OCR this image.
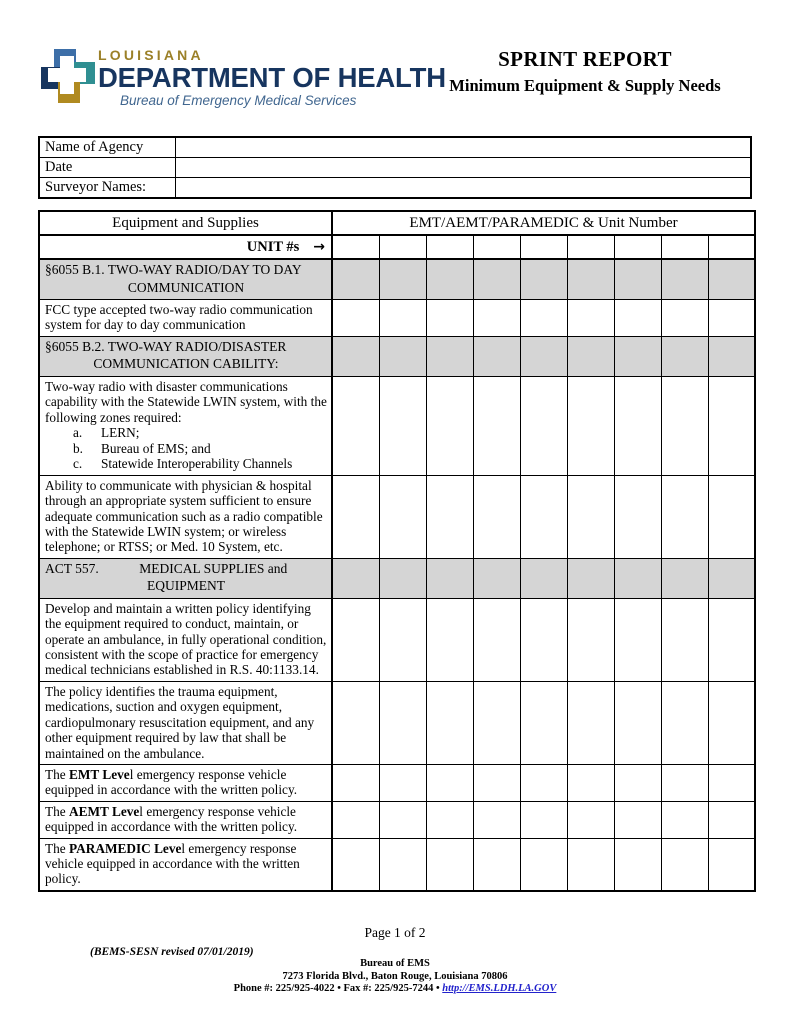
LOUISIANA
DEPARTMENT OF HEALTH
Bureau of Emergency Medical Services
SPRINT REPORT
Minimum Equipment & Supply Needs
Name of Agency	
Date	
Surveyor Names:	
Equipment and Supplies	EMT/AEMT/PARAMEDIC & Unit Number								
UNIT #s →									

§6055 B.1. TWO-WAY RADIO/DAY TO DAY
COMMUNICATION									

FCC type accepted two-way radio communication system for day to day communication									

§6055 B.2. TWO-WAY RADIO/DISASTER
COMMUNICATION CABILITY:									

Two-way radio with disaster communications capability with the Statewide LWIN system, with the following zones required:
a. LERN;
b. Bureau of EMS; and
c. Statewide Interoperability Channels

Ability to communicate with physician & hospital through an appropriate system sufficient to ensure adequate communication such as a radio compatible with the Statewide LWIN system; or wireless telephone; or RTSS; or Med. 10 System, etc.									

ACT 557.            MEDICAL SUPPLIES and
EQUIPMENT									

Develop and maintain a written policy identifying the equipment required to conduct, maintain, or operate an ambulance, in fully operational condition, consistent with the scope of practice for emergency medical technicians established in R.S. 40:1133.14.									
The policy identifies the trauma equipment, medications, suction and oxygen equipment, cardiopulmonary resuscitation equipment, and any other equipment required by law that shall be maintained on the ambulance.									
The EMT Level emergency response vehicle equipped in accordance with the written policy.									
The AEMT Level emergency response vehicle equipped in accordance with the written policy.									
The PARAMEDIC Level emergency response vehicle equipped in accordance with the written policy.									
Page 1 of 2
(BEMS-SESN revised 07/01/2019)
Bureau of EMS
7273 Florida Blvd., Baton Rouge, Louisiana 70806
Phone #: 225/925-4022 • Fax #: 225/925-7244 • http://EMS.LDH.LA.GOV
